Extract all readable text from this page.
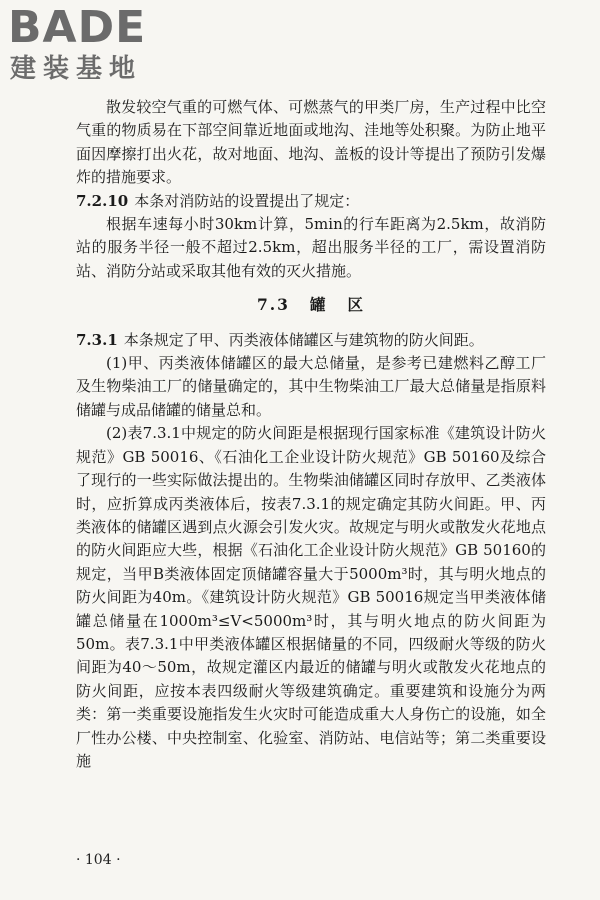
BADE
建装基地

散发较空气重的可燃气体、可燃蒸气的甲类厂房，生产过程中比空气重的物质易在下部空间靠近地面或地沟、洼地等处积聚。为防止地平面因摩擦打出火花，故对地面、地沟、盖板的设计等提出了预防引发爆炸的措施要求。

7.2.10 本条对消防站的设置提出了规定：

根据车速每小时30km计算，5min的行车距离为2.5km，故消防站的服务半径一般不超过2.5km，超出服务半径的工厂，需设置消防站、消防分站或采取其他有效的灭火措施。

7.3 罐 区

7.3.1 本条规定了甲、丙类液体储罐区与建筑物的防火间距。

(1)甲、丙类液体储罐区的最大总储量，是参考已建燃料乙醇工厂及生物柴油工厂的储量确定的，其中生物柴油工厂最大总储量是指原料储罐与成品储罐的储量总和。

(2)表7.3.1中规定的防火间距是根据现行国家标准《建筑设计防火规范》GB 50016、《石油化工企业设计防火规范》GB 50160及综合了现行的一些实际做法提出的。生物柴油储罐区同时存放甲、乙类液体时，应折算成丙类液体后，按表7.3.1的规定确定其防火间距。甲、丙类液体的储罐区遇到点火源会引发火灾。故规定与明火或散发火花地点的防火间距应大些，根据《石油化工企业设计防火规范》GB 50160的规定，当甲B类液体固定顶储罐容量大于5000m³时，其与明火地点的防火间距为40m。《建筑设计防火规范》GB 50016规定当甲类液体储罐总储量在1000m³≤V<5000m³时，其与明火地点的防火间距为50m。表7.3.1中甲类液体罐区根据储量的不同，四级耐火等级的防火间距为40～50m，故规定灌区内最近的储罐与明火或散发火花地点的防火间距，应按本表四级耐火等级建筑确定。重要建筑和设施分为两类：第一类重要设施指发生火灾时可能造成重大人身伤亡的设施，如全厂性办公楼、中央控制室、化验室、消防站、电信站等；第二类重要设施

· 104 ·
